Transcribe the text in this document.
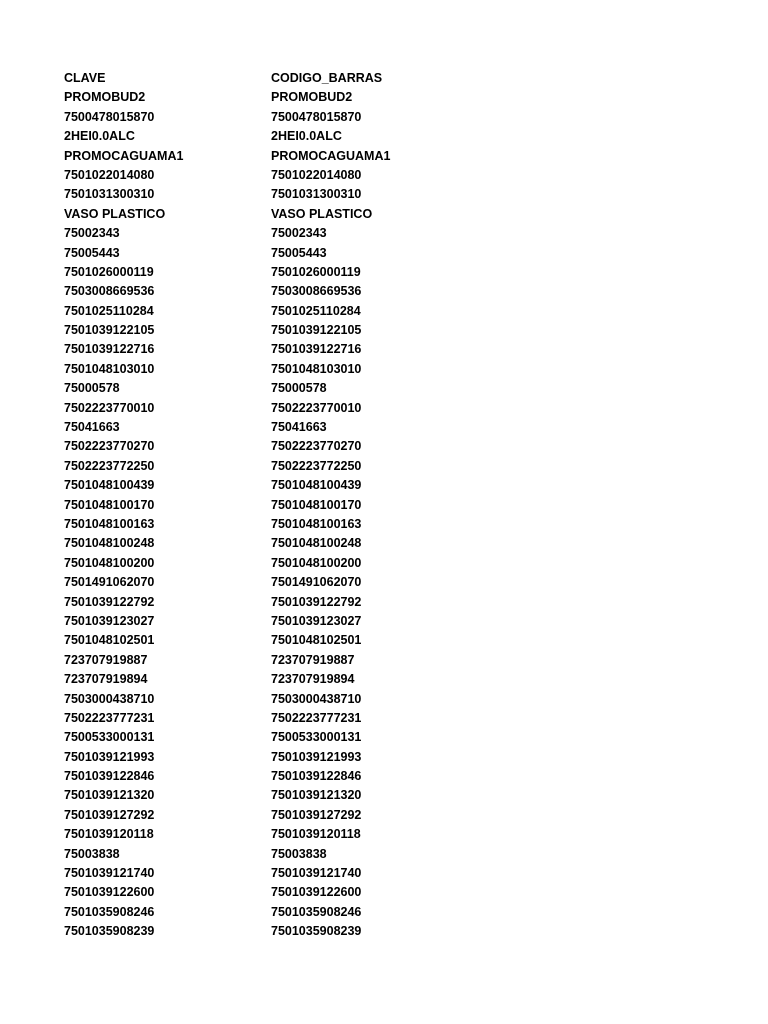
CLAVE	CODIGO_BARRAS
PROMOBUD2	PROMOBUD2
7500478015870	7500478015870
2HEI0.0ALC	2HEI0.0ALC
PROMOCAGUAMA1	PROMOCAGUAMA1
7501022014080	7501022014080
7501031300310	7501031300310
VASO PLASTICO	VASO PLASTICO
75002343	75002343
75005443	75005443
7501026000119	7501026000119
7503008669536	7503008669536
7501025110284	7501025110284
7501039122105	7501039122105
7501039122716	7501039122716
7501048103010	7501048103010
75000578	75000578
7502223770010	7502223770010
75041663	75041663
7502223770270	7502223770270
7502223772250	7502223772250
7501048100439	7501048100439
7501048100170	7501048100170
7501048100163	7501048100163
7501048100248	7501048100248
7501048100200	7501048100200
7501491062070	7501491062070
7501039122792	7501039122792
7501039123027	7501039123027
7501048102501	7501048102501
723707919887	723707919887
723707919894	723707919894
7503000438710	7503000438710
7502223777231	7502223777231
7500533000131	7500533000131
7501039121993	7501039121993
7501039122846	7501039122846
7501039121320	7501039121320
7501039127292	7501039127292
7501039120118	7501039120118
75003838	75003838
7501039121740	7501039121740
7501039122600	7501039122600
7501035908246	7501035908246
7501035908239	7501035908239
